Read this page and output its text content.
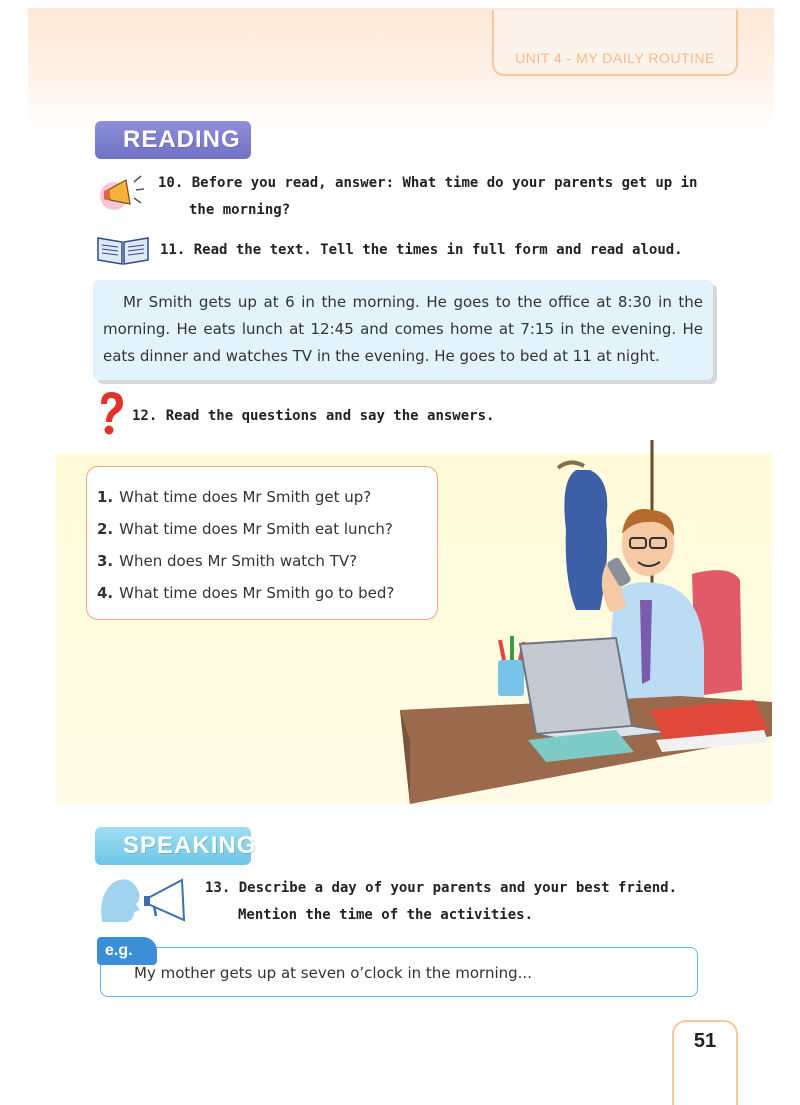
UNIT 4 - MY DAILY ROUTINE
READING
10. Before you read, answer: What time do your parents get up in
the morning?
11. Read the text. Tell the times in full form and read aloud.
Mr Smith gets up at 6 in the morning. He goes to the office at 8:30 in the morning. He eats lunch at 12:45 and comes home at 7:15 in the evening. He eats dinner and watches TV in the evening. He goes to bed at 11 at night.
12. Read the questions and say the answers.
1. What time does Mr Smith get up?
2. What time does Mr Smith eat lunch?
3. When does Mr Smith watch TV?
4. What time does Mr Smith go to bed?
SPEAKING
13. Describe a day of your parents and your best friend.
Mention the time of the activities.
e.g.
My mother gets up at seven o’clock in the morning...
51
